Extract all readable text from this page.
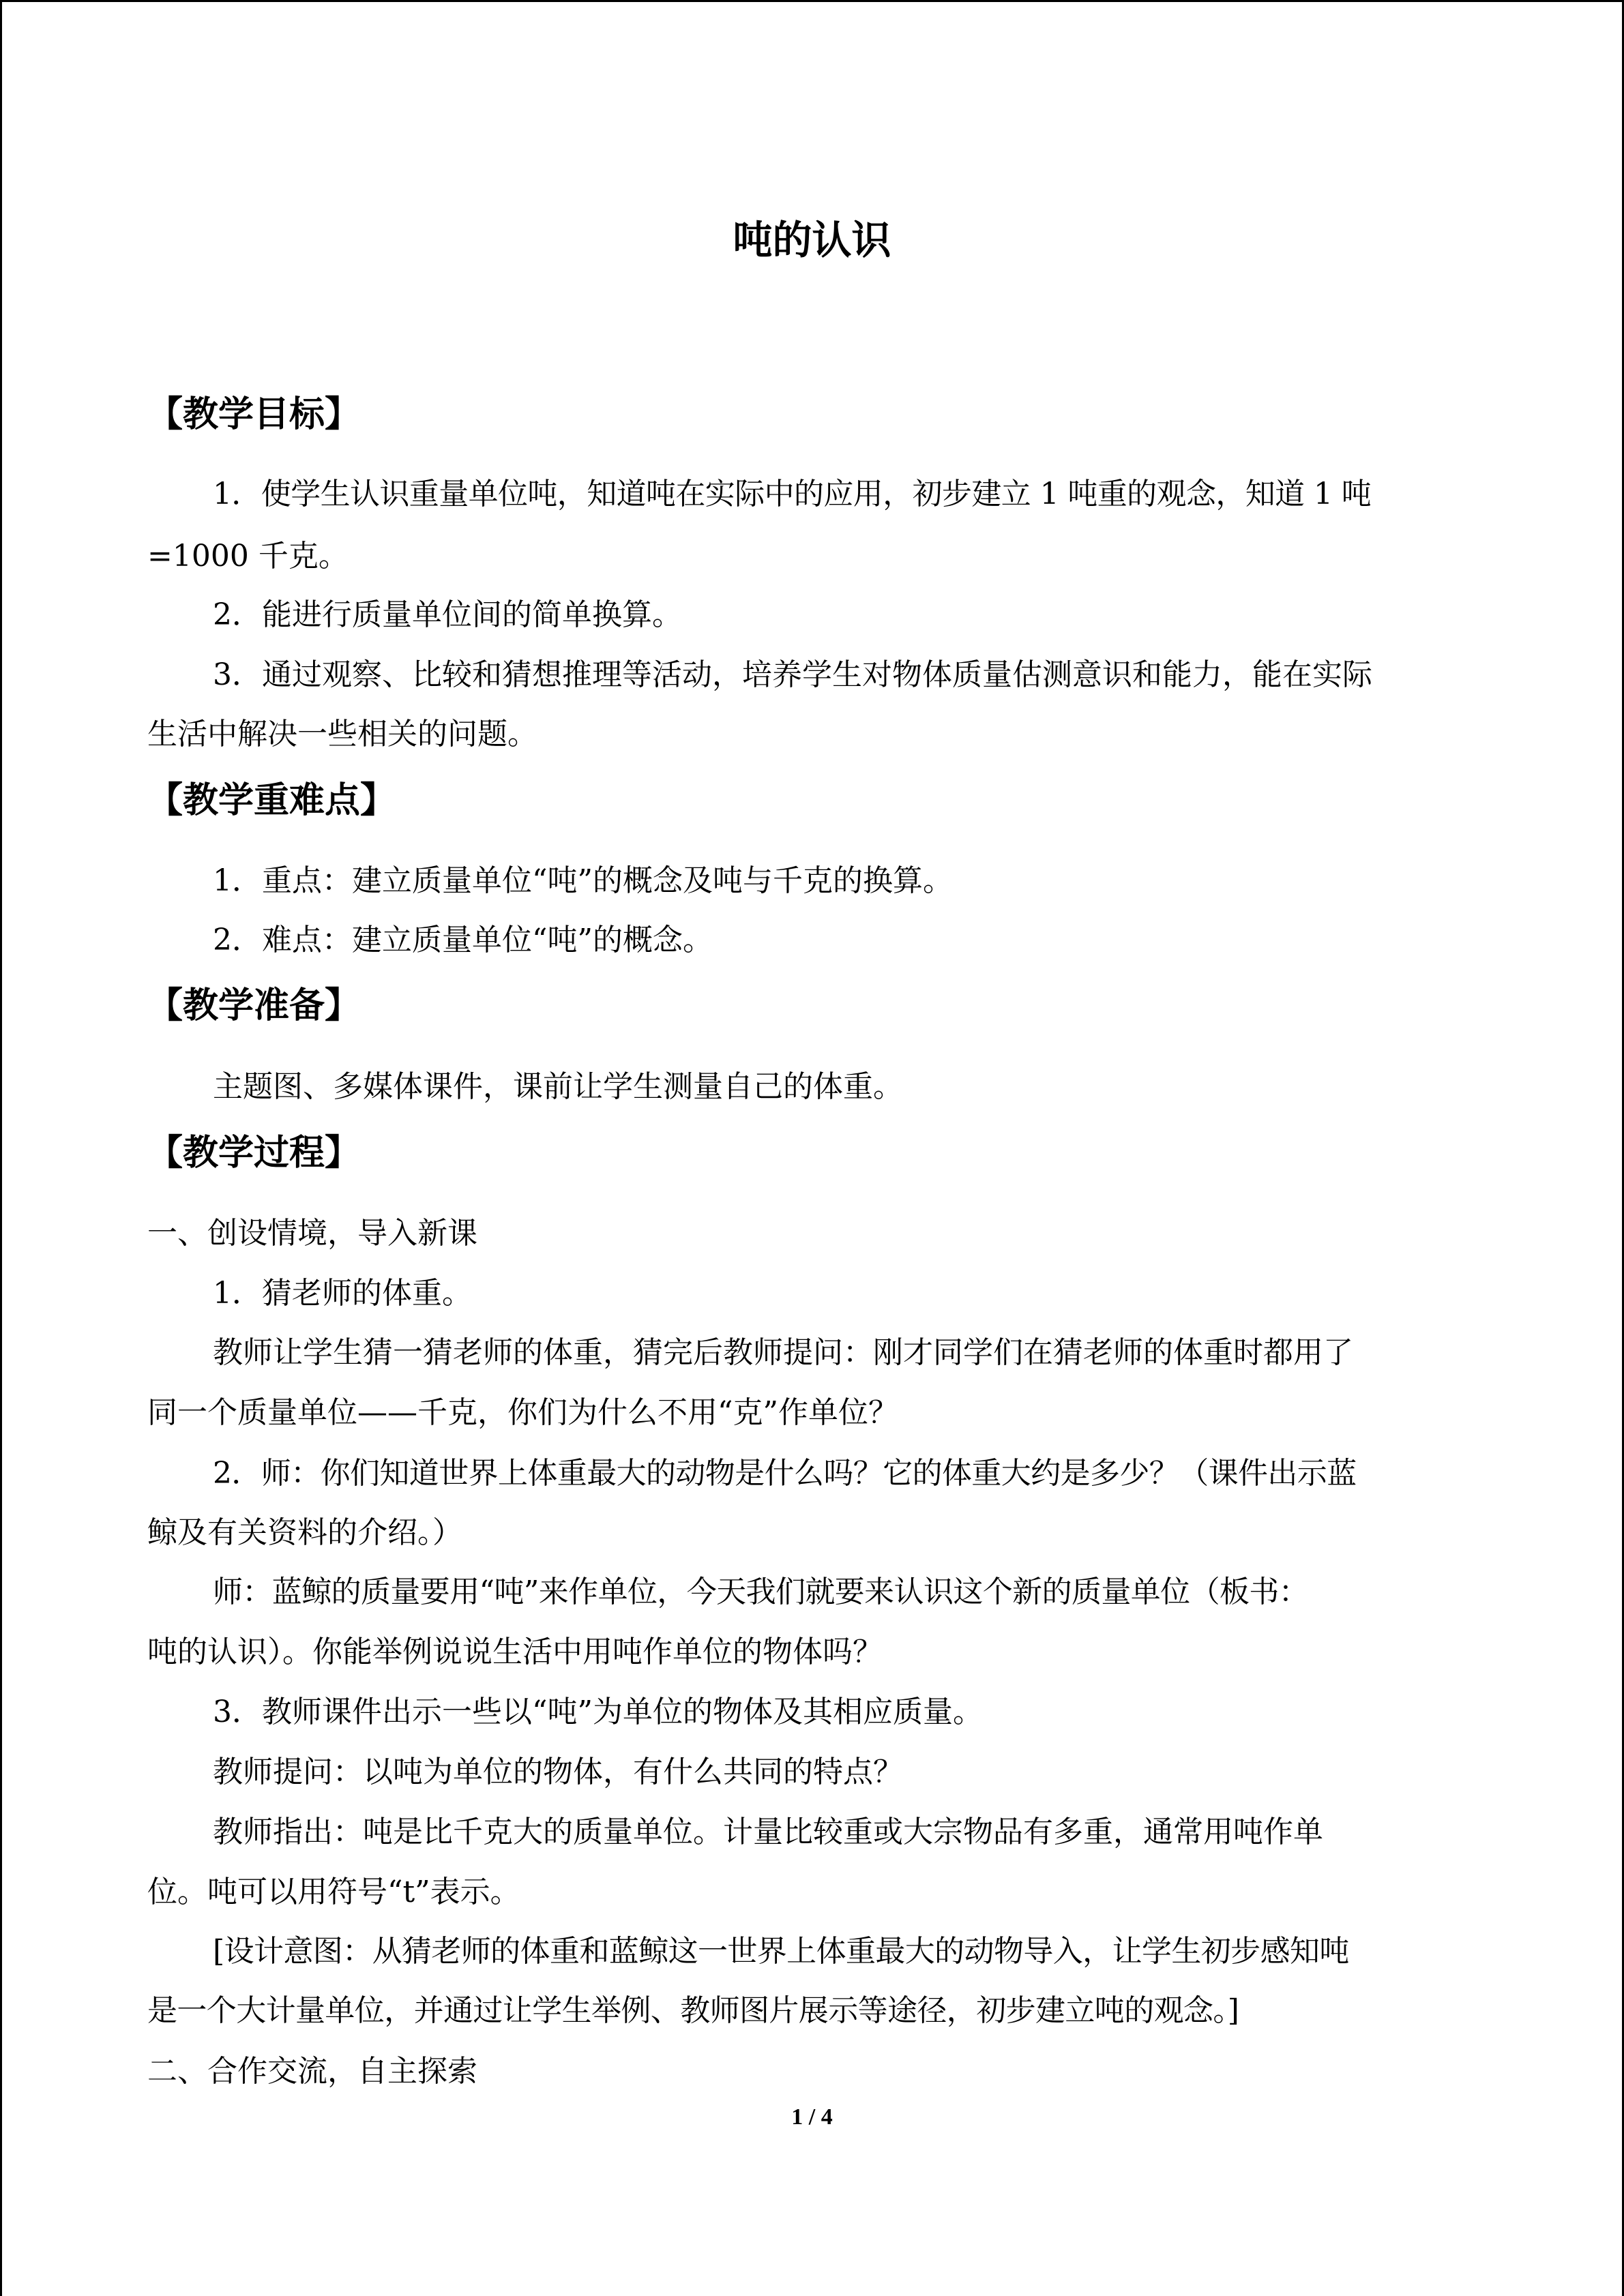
吨的认识
【教学目标】

1．使学生认识重量单位吨，知道吨在实际中的应用，初步建立 1 吨重的观念，知道 1 吨

=1000 千克。

2．能进行质量单位间的简单换算。

3．通过观察、比较和猜想推理等活动，培养学生对物体质量估测意识和能力，能在实际

生活中解决一些相关的问题。

【教学重难点】

1．重点：建立质量单位“吨”的概念及吨与千克的换算。

2．难点：建立质量单位“吨”的概念。

【教学准备】

主题图、多媒体课件，课前让学生测量自己的体重。

【教学过程】

一、创设情境，导入新课

1．猜老师的体重。

教师让学生猜一猜老师的体重，猜完后教师提问：刚才同学们在猜老师的体重时都用了

同一个质量单位——千克，你们为什么不用“克”作单位？

2．师：你们知道世界上体重最大的动物是什么吗？它的体重大约是多少？（课件出示蓝

鲸及有关资料的介绍。）

师：蓝鲸的质量要用“吨”来作单位，今天我们就要来认识这个新的质量单位（板书：

吨的认识）。你能举例说说生活中用吨作单位的物体吗？

3．教师课件出示一些以“吨”为单位的物体及其相应质量。

教师提问：以吨为单位的物体，有什么共同的特点？

教师指出：吨是比千克大的质量单位。计量比较重或大宗物品有多重，通常用吨作单

位。吨可以用符号“t”表示。

[设计意图：从猜老师的体重和蓝鲸这一世界上体重最大的动物导入，让学生初步感知吨

是一个大计量单位，并通过让学生举例、教师图片展示等途径，初步建立吨的观念。]

二、合作交流，自主探索

1 / 4
